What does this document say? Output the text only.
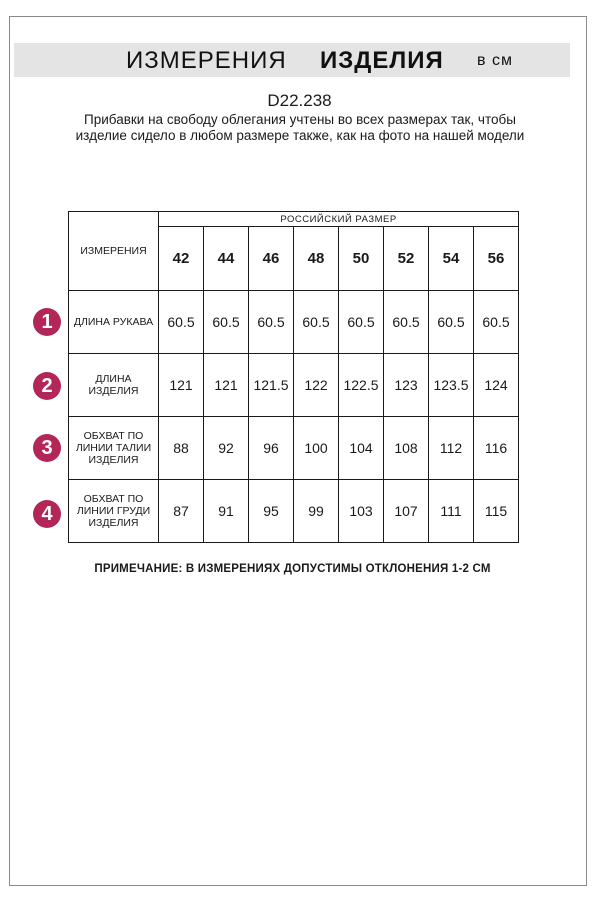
ИЗМЕРЕНИЯ ИЗДЕЛИЯ в см
D22.238
Прибавки на свободу облегания учтены во всех размерах так, чтобы изделие сидело в любом размере также, как на фото на нашей модели
ИЗМЕРЕНИЯ	РОССИЙСКИЙ РАЗМЕР							
	42	44	46	48	50	52	54	56

ДЛИНА РУКАВА	60.5	60.5	60.5	60.5	60.5	60.5	60.5	60.5

ДЛИНА
ИЗДЕЛИЯ	121	121	121.5	122	122.5	123	123.5	124

ОБХВАТ ПО
ЛИНИИ ТАЛИИ
ИЗДЕЛИЯ	88	92	96	100	104	108	112	116

ОБХВАТ ПО
ЛИНИИ ГРУДИ
ИЗДЕЛИЯ	87	91	95	99	103	107	111	115
1
2
3
4
ПРИМЕЧАНИЕ: В ИЗМЕРЕНИЯХ ДОПУСТИМЫ ОТКЛОНЕНИЯ 1-2 СМ
